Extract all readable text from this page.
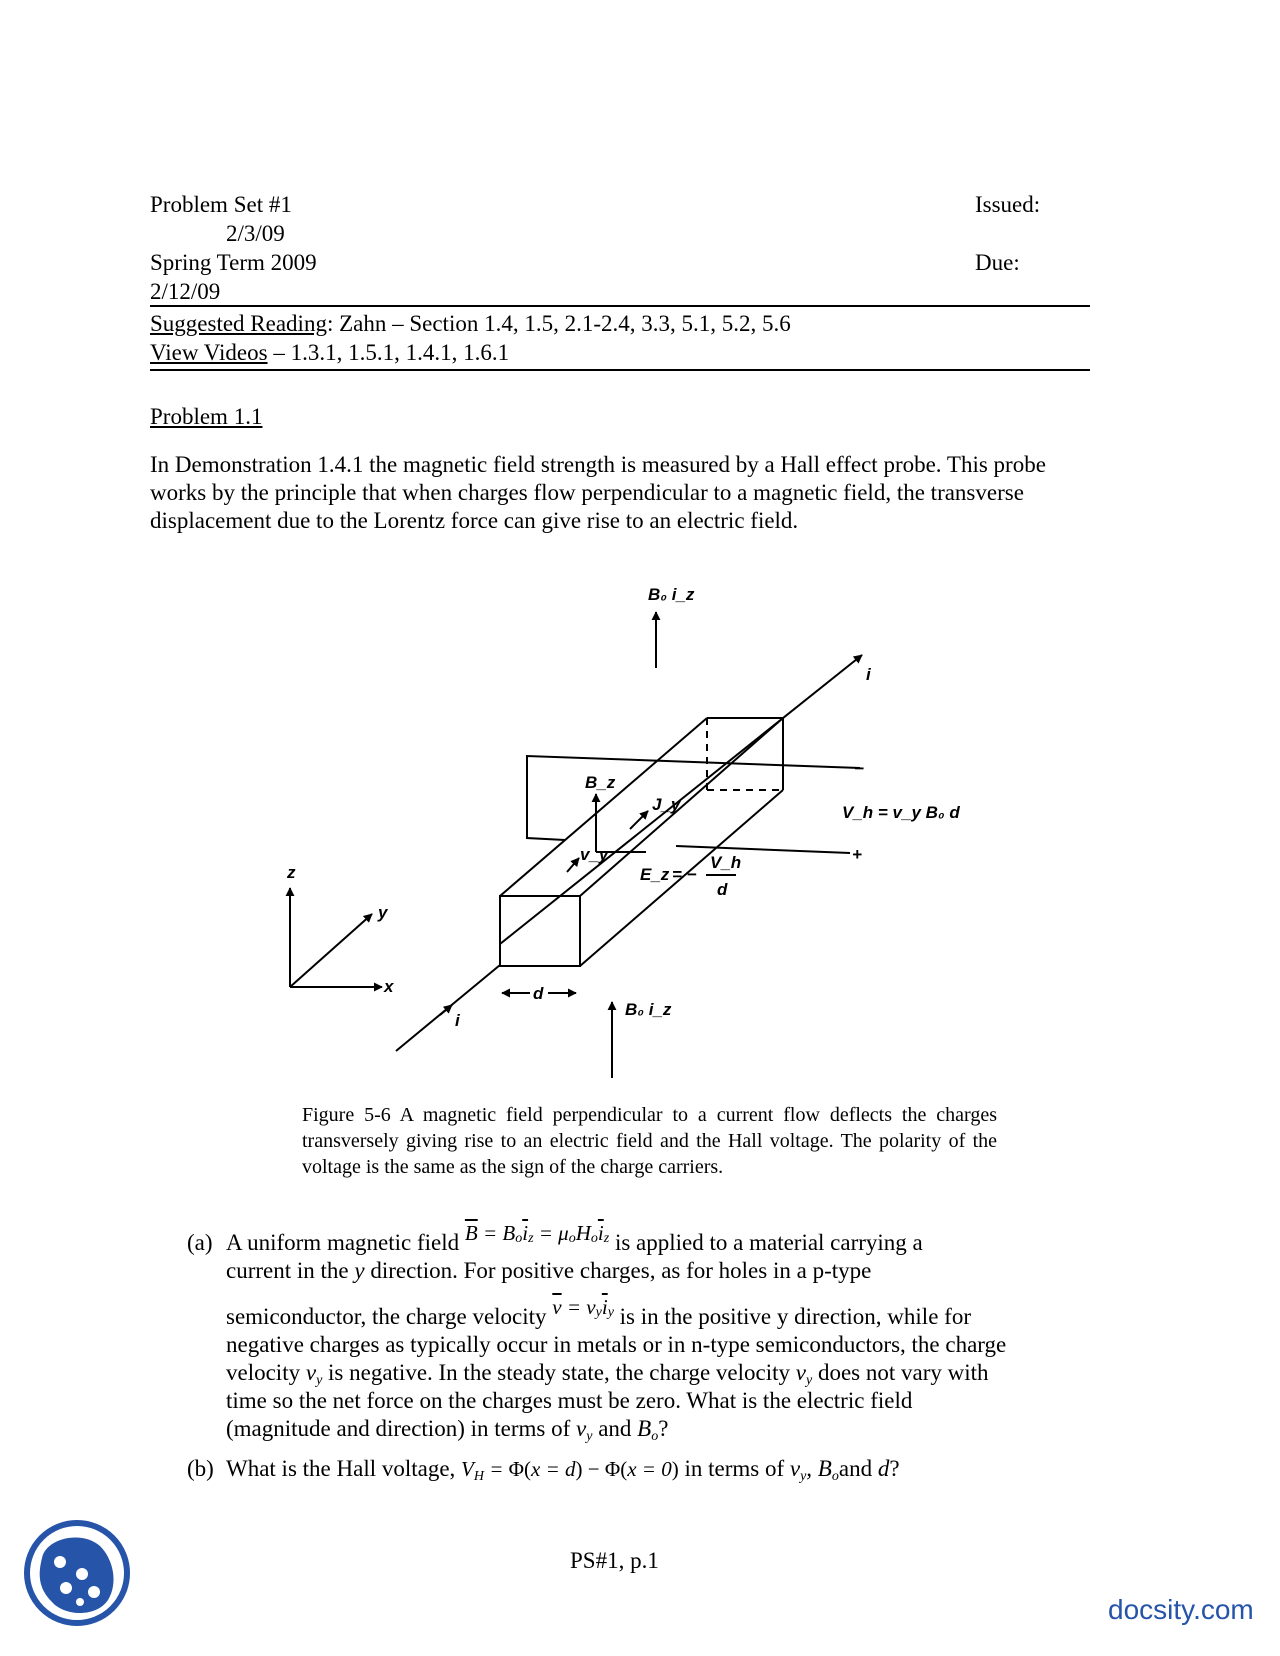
Problem Set #1	Issued:
2/3/09
Spring Term 2009	Due:
2/12/09
Suggested Reading: Zahn – Section 1.4, 1.5, 2.1-2.4, 3.3, 5.1, 5.2, 5.6
View Videos – 1.3.1, 1.5.1, 1.4.1, 1.6.1
Problem 1.1
In Demonstration 1.4.1 the magnetic field strength is measured by a Hall effect probe. This probe works by the principle that when charges flow perpendicular to a magnetic field, the transverse displacement due to the Lorentz force can give rise to an electric field.
B₀ i_z
B₀ i_z
i
i
B_z
J_y
v_y
E_z = −
V_h
d
V_h = v_y B₀ d
−
+
z
y
x	d
Figure 5-6 A magnetic field perpendicular to a current flow deflects the charges transversely giving rise to an electric field and the Hall voltage. The polarity of the voltage is the same as the sign of the charge carriers.
(a) A uniform magnetic field $\overline{B} = B_o\overline{i}_z = \mu_oH_o\overline{i}_z$ is applied to a material carrying a
current in the y direction. For positive charges, as for holes in a p-type
semiconductor, the charge velocity $\overline{v} = v_y\overline{i}_y$ is in the positive y direction, while for
negative charges as typically occur in metals or in n-type semiconductors, the charge
velocity $v_y$ is negative. In the steady state, the charge velocity $v_y$ does not vary with
time so the net force on the charges must be zero. What is the electric field
(magnitude and direction) in terms of $v_y$ and $B_o$?
(b) What is the Hall voltage, $V_H = \Phi(x = d) - \Phi(x = 0)$ in terms of $v_y$, $B_oand$ d?
PS#1, p.1
docsity.com
